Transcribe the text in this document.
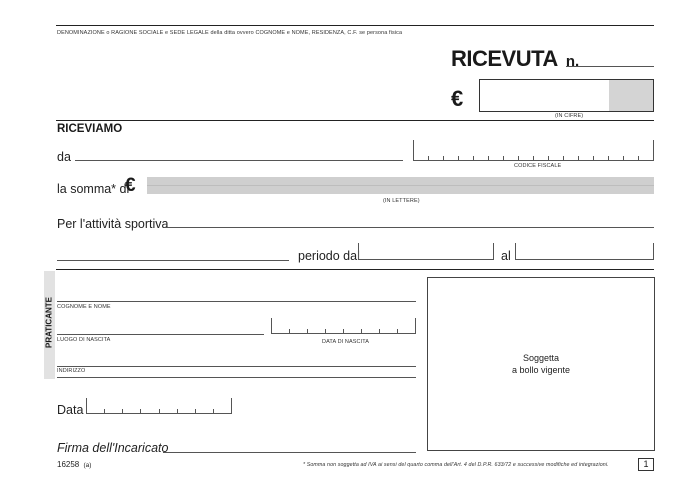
DENOMINAZIONE o RAGIONE SOCIALE e SEDE LEGALE della ditta ovvero COGNOME e NOME, RESIDENZA, C.F. se persona fisica
RICEVUTA n.
€
(IN CIFRE)
RICEVIAMO
da
CODICE FISCALE
la somma* di
€
(IN LETTERE)
Per l'attività sportiva
periodo dal	al
PRATICANTE COGNOME E NOME
LUOGO DI NASCITA	DATA DI NASCITA
INDIRIZZO
Data
Firma dell'Incaricato
Soggetta
a bollo vigente
16258 (a)	* Somma non soggetta ad IVA ai sensi del quarto comma dell'Art. 4 del D.P.R. 633/72 e successive modifiche ed integrazioni.	1
